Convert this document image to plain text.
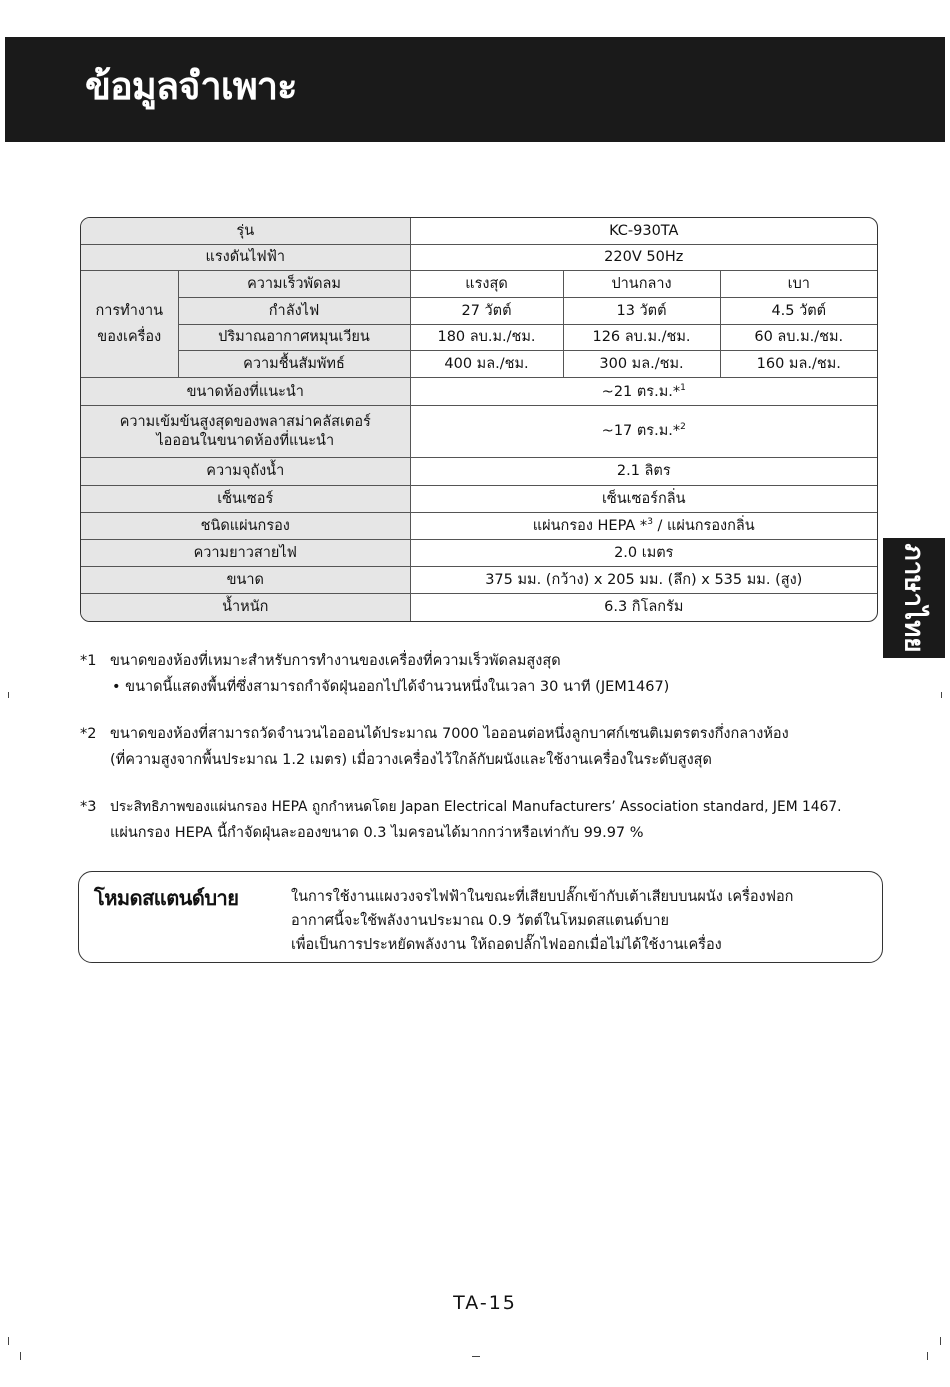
ข้อมูลจำเพาะ
ภาษาไทย
รุ่น		KC-930TA		
แรงดันไฟฟ้า		220V 50Hz		
การทำงาน
ของเครื่อง	ความเร็วพัดลม	แรงสุด	ปานกลาง	เบา
	กำลังไฟ	27 วัตต์	13 วัตต์	4.5 วัตต์
	ปริมาณอากาศหมุนเวียน	180 ลบ.ม./ชม.	126 ลบ.ม./ชม.	60 ลบ.ม./ชม.
	ความชื้นสัมพัทธ์	400 มล./ชม.	300 มล./ชม.	160 มล./ชม.
ขนาดห้องที่แนะนำ		~21 ตร.ม.*$^1$

ความเข้มข้นสูงสุดของพลาสม่าคลัสเตอร์
ไอออนในขนาดห้องที่แนะนำ		~17 ตร.ม.*$^2$
ความจุถังน้ำ		2.1 ลิตร		
เซ็นเซอร์		เซ็นเซอร์กลิ่น		
ชนิดแผ่นกรอง		แผ่นกรอง HEPA *$^3$ / แผ่นกรองกลิ่น		
ความยาวสายไฟ		2.0 เมตร		
ขนาด		375 มม. (กว้าง) x 205 มม. (ลึก) x 535 มม. (สูง)		
น้ำหนัก		6.3 กิโลกรัม		
*1 ขนาดของห้องที่เหมาะสำหรับการทำงานของเครื่องที่ความเร็วพัดลมสูงสุด
• ขนาดนี้แสดงพื้นที่ซึ่งสามารถกำจัดฝุ่นออกไปได้จำนวนหนึ่งในเวลา 30 นาที (JEM1467)
*2 ขนาดของห้องที่สามารถวัดจำนวนไอออนได้ประมาณ 7000 ไอออนต่อหนึ่งลูกบาศก์เซนติเมตรตรงกึ่งกลางห้อง
(ที่ความสูงจากพื้นประมาณ 1.2 เมตร) เมื่อวางเครื่องไว้ใกล้กับผนังและใช้งานเครื่องในระดับสูงสุด
*3 ประสิทธิภาพของแผ่นกรอง HEPA ถูกกำหนดโดย Japan Electrical Manufacturers’ Association standard, JEM 1467.
แผ่นกรอง HEPA นี้กำจัดฝุ่นละอองขนาด 0.3 ไมครอนได้มากกว่าหรือเท่ากับ 99.97 %
โหมดสแตนด์บาย	ในการใช้งานแผงวงจรไฟฟ้าในขณะที่เสียบปลั๊กเข้ากับเต้าเสียบบนผนัง เครื่องฟอก
อากาศนี้จะใช้พลังงานประมาณ 0.9 วัตต์ในโหมดสแตนด์บาย
เพื่อเป็นการประหยัดพลังงาน ให้ถอดปลั๊กไฟออกเมื่อไม่ได้ใช้งานเครื่อง
TA-15
